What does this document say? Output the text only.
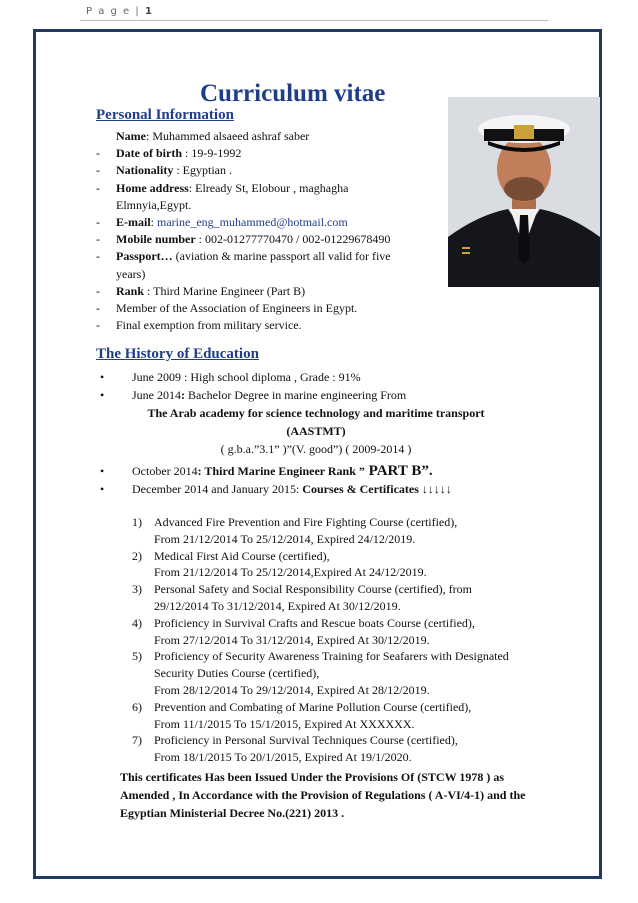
P a g e | 1
Curriculum vitae
Personal Information
Name: Muhammed alsaeed ashraf saber
- Date of birth : 19-9-1992
- Nationality : Egyptian .
- Home address: Elready St, Elobour , maghagha
Elmnyia,Egypt.
- E-mail: marine_eng_muhammed@hotmail.com
- Mobile number : 002-01277770470 / 002-01229678490
- Passport… (aviation & marine passport all valid for five
years)
- Rank : Third Marine Engineer (Part B)
- Member of the Association of Engineers in Egypt.
- Final exemption from military service.
The History of Education
• June 2009 : High school diploma , Grade : 91%
• June 2014: Bachelor Degree in marine engineering From
The Arab academy for science technology and maritime transport
(AASTMT)
( g.b.a.”3.1” )”(V. good”) ( 2009-2014 )
• October 2014: Third Marine Engineer Rank ” PART B”.
• December 2014 and January 2015: Courses & Certificates ↓↓↓↓↓
1) Advanced Fire Prevention and Fire Fighting Course (certified),
From 21/12/2014 To 25/12/2014, Expired 24/12/2019.
2) Medical First Aid Course (certified),
From 21/12/2014 To 25/12/2014,Expired At 24/12/2019.
3) Personal Safety and Social Responsibility Course (certified), from
29/12/2014 To 31/12/2014, Expired At 30/12/2019.
4) Proficiency in Survival Crafts and Rescue boats Course (certified),
From 27/12/2014 To 31/12/2014, Expired At 30/12/2019.
5) Proficiency of Security Awareness Training for Seafarers with Designated
Security Duties Course (certified),
From 28/12/2014 To 29/12/2014, Expired At 28/12/2019.
6) Prevention and Combating of Marine Pollution Course (certified),
From 11/1/2015 To 15/1/2015, Expired At XXXXXX.
7) Proficiency in Personal Survival Techniques Course (certified),
From 18/1/2015 To 20/1/2015, Expired At 19/1/2020.
This certificates Has been Issued Under the Provisions Of (STCW 1978 ) as Amended , In Accordance with the Provision of Regulations ( A-VI/4-1) and the Egyptian Ministerial Decree No.(221) 2013 .
